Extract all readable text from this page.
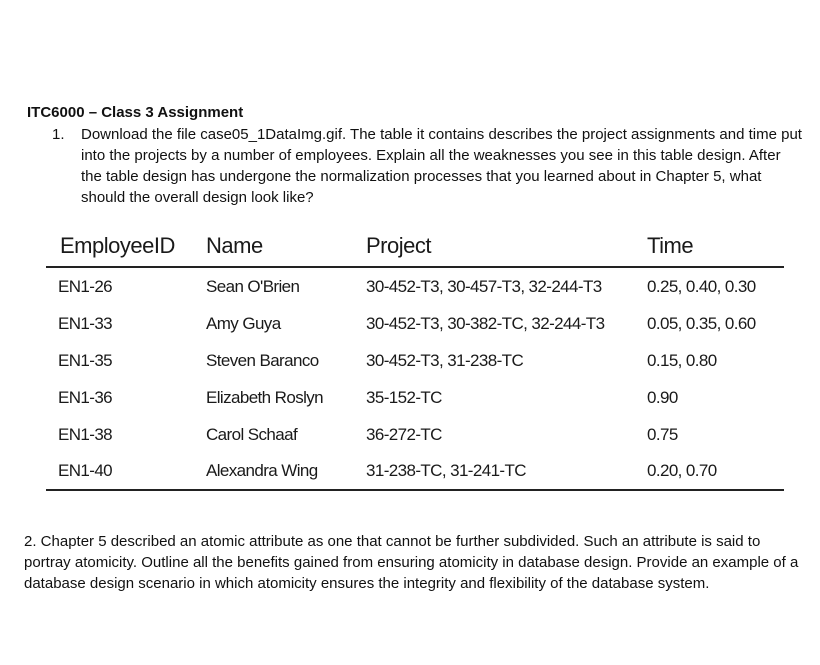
ITC6000 – Class 3 Assignment
1.	Download the file case05_1DataImg.gif. The table it contains describes the project assignments and time put into the projects by a number of employees. Explain all the weaknesses you see in this table design. After the table design has undergone the normalization processes that you learned about in Chapter 5, what should the overall design look like?
EmployeeID	Name	Project	Time
EN1-26	Sean O'Brien	30-452-T3, 30-457-T3, 32-244-T3	0.25, 0.40, 0.30
EN1-33	Amy Guya	30-452-T3, 30-382-TC, 32-244-T3	0.05, 0.35, 0.60
EN1-35	Steven Baranco	30-452-T3, 31-238-TC	0.15, 0.80
EN1-36	Elizabeth Roslyn	35-152-TC	0.90
EN1-38	Carol Schaaf	36-272-TC	0.75
EN1-40	Alexandra Wing	31-238-TC, 31-241-TC	0.20, 0.70
2. Chapter 5 described an atomic attribute as one that cannot be further subdivided. Such an attribute is said to portray atomicity. Outline all the benefits gained from ensuring atomicity in database design. Provide an example of a database design scenario in which atomicity ensures the integrity and flexibility of the database system.
